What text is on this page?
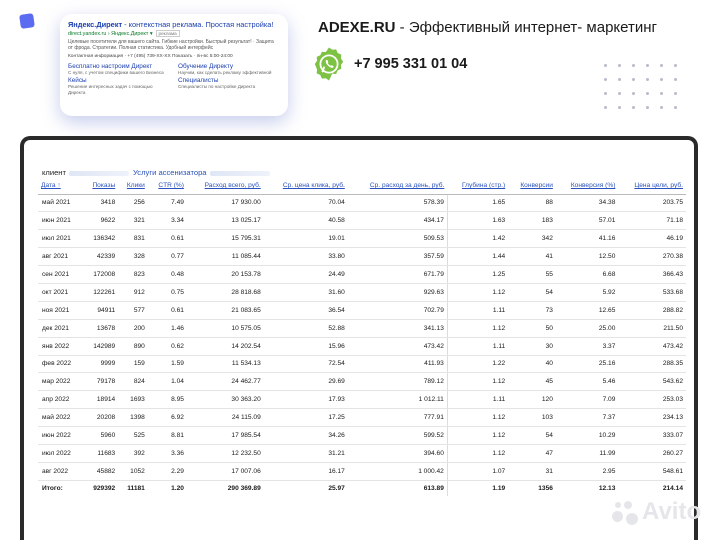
Яндекс.Директ - контекстная реклама. Простая настройка!
direct.yandex.ru › Яндекс.Директ ▾ реклама
Целевые посетители для вашего сайта. Гибкие настройки. Быстрый результат! · Защита от фрода. Стратегии. Полная статистика. Удобный интерфейс
Контактная информация · +7 (495) 739-XX-XX Показать · пн-вс 5:00-24:00
Бесплатно настроим Директ
С нуля, с учетом специфики вашего Бизнеса
Обучение Директу
Научим, как сделать рекламу эффективной
Кейсы
Решение интересных задач с помощью Директа
Специалисты
Специалисты по настройке Директа
ADEXE.RU - Эффективный интернет- маркетинг
+7 995 331 01 04
клиент	Услуги ассенизатора
Дата ↑	Показы	Клики	CTR (%)	Расход всего, руб.	Ср. цена клика, руб.	Ср. расход за день, руб.	Глубина (стр.)	Конверсии	Конверсия (%)	Цена цели, руб.
май 2021	3418	256	7.49	17 930.00	70.04	578.39	1.65	88	34.38	203.75
июн 2021	9622	321	3.34	13 025.17	40.58	434.17	1.63	183	57.01	71.18
июл 2021	136342	831	0.61	15 795.31	19.01	509.53	1.42	342	41.16	46.19
авг 2021	42339	328	0.77	11 085.44	33.80	357.59	1.44	41	12.50	270.38
сен 2021	172008	823	0.48	20 153.78	24.49	671.79	1.25	55	6.68	366.43
окт 2021	122261	912	0.75	28 818.68	31.60	929.63	1.12	54	5.92	533.68
ноя 2021	94911	577	0.61	21 083.65	36.54	702.79	1.11	73	12.65	288.82
дек 2021	13678	200	1.46	10 575.05	52.88	341.13	1.12	50	25.00	211.50
янв 2022	142989	890	0.62	14 202.54	15.96	473.42	1.11	30	3.37	473.42
фев 2022	9999	159	1.59	11 534.13	72.54	411.93	1.22	40	25.16	288.35
мар 2022	79178	824	1.04	24 462.77	29.69	789.12	1.12	45	5.46	543.62
апр 2022	18914	1693	8.95	30 363.20	17.93	1 012.11	1.11	120	7.09	253.03
май 2022	20208	1398	6.92	24 115.09	17.25	777.91	1.12	103	7.37	234.13
июн 2022	5960	525	8.81	17 985.54	34.26	599.52	1.12	54	10.29	333.07
июл 2022	11683	392	3.36	12 232.50	31.21	394.60	1.12	47	11.99	260.27
авг 2022	45882	1052	2.29	17 007.06	16.17	1 000.42	1.07	31	2.95	548.61
Итого:	929392	11181	1.20	290 369.89	25.97	613.89	1.19	1356	12.13	214.14
Avito
